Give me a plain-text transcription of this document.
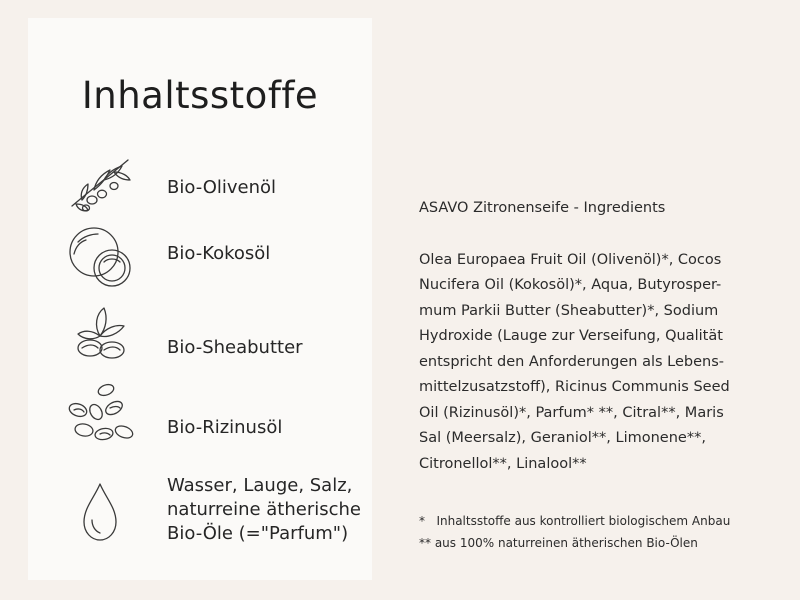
Inhaltsstoffe
Bio-Olivenöl
Bio-Kokosöl
Bio-Sheabutter
Bio-Rizinusöl
Wasser, Lauge, Salz,
naturreine ätherische
Bio-Öle (="Parfum")

ASAVO Zitronenseife - Ingredients

Olea Europaea Fruit Oil (Olivenöl)*, Cocos
Nucifera Oil (Kokosöl)*, Aqua, Butyrosper-
mum Parkii Butter (Sheabutter)*, Sodium
Hydroxide (Lauge zur Verseifung, Qualität
entspricht den Anforderungen als Lebens-
mittelzusatzstoff), Ricinus Communis Seed
Oil (Rizinusöl)*, Parfum* **, Citral**, Maris
Sal (Meersalz), Geraniol**, Limonene**,
Citronellol**, Linalool**

*   Inhaltsstoffe aus kontrolliert biologischem Anbau
** aus 100% naturreinen ätherischen Bio-Ölen
